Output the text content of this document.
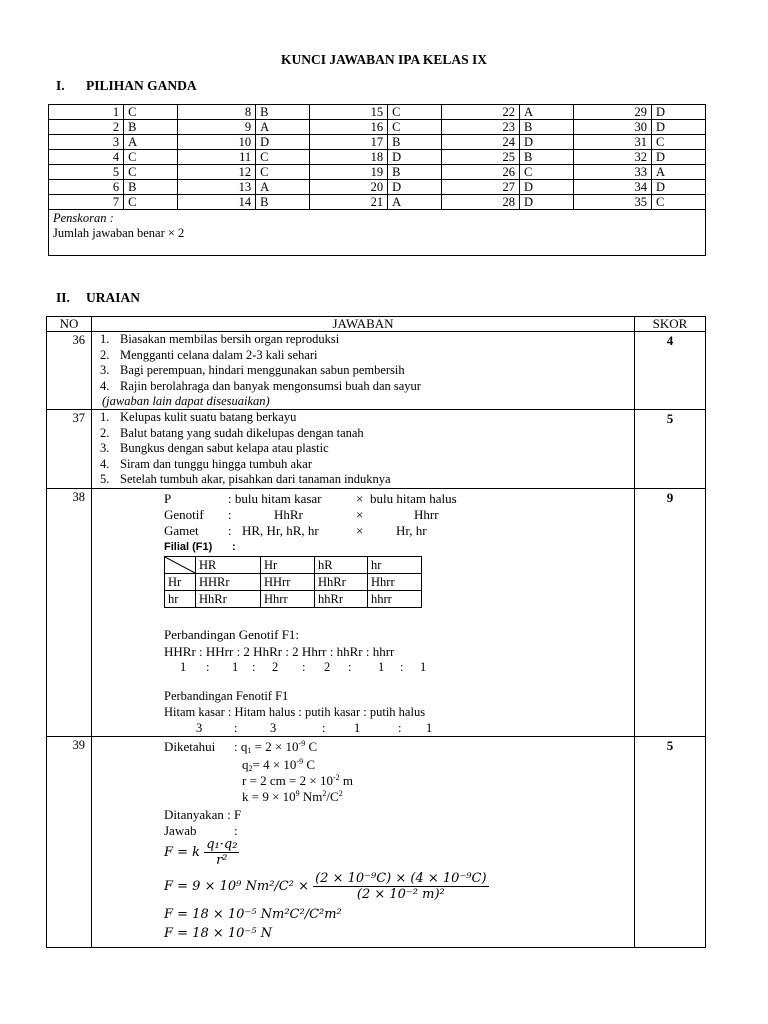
KUNCI JAWABAN IPA KELAS IX
I. PILIHAN GANDA
1	C	8	B	15	C	22	A	29	D
2	B	9	A	16	C	23	B	30	D
3	A	10	D	17	B	24	D	31	C
4	C	11	C	18	D	25	B	32	D
5	C	12	C	19	B	26	C	33	A
6	B	13	A	20	D	27	D	34	D
7	C	14	B	21	A	28	D	35	C
Penskoran :
Jumlah jawaban benar × 2									
II. URAIAN
NO	JAWABAN	SKOR
36	1. Biasakan membilas bersih organ reproduksi
2. Mengganti celana dalam 2-3 kali sehari
3. Bagi perempuan, hindari menggunakan sabun pembersih
4. Rajin berolahraga dan banyak mengonsumsi buah dan sayur
(jawaban lain dapat disesuaikan)
	4
37	1. Kelupas kulit suatu batang berkayu
2. Balut batang yang sudah dikelupas dengan tanah
3. Bungkus dengan sabut kelapa atau plastic
4. Siram dan tunggu hingga tumbuh akar
5. Setelah tumbuh akar, pisahkan dari tanaman induknya
	5
38	P	: bulu hitam kasar	× bulu hitam halus
Genotif :	HhRr	×	Hhrr
Gamet : HR, Hr, hR, hr	×	Hr, hr
Filial (F1) :
	HR	Hr	hR	hr
Hr	HHRr	HHrr	HhRr	Hhrr
hr	HhRr	Hhrr	hhRr	hhrr
Perbandingan Genotif F1:
HHRr : HHrr : 2 HhRr : 2 Hhrr : hhRr : hhrr
1 : 1 : 2 : 2 : 1 : 1
Perbandingan Fenotif F1
Hitam kasar : Hitam halus : putih kasar : putih halus
3	:	3	: 1	: 1
	9
39	Diketahui : $q_1 = 2 \times 10^{-9}$ C
$q_2= 4 \times 10^{-9}$ C
r = 2 cm = $2 \times 10^{-2}$ m
$k = 9 \times 10^9$ $Nm^2/C^2$
Ditanyakan : F
Jawab	:
F = k $\frac{\text{q₁·q₂}}{\text{r²}}$
F = 9 × 10⁹ $Nm^2/C^2 \times \frac{\text{(2 × 10⁻⁹C) × (4 × 10⁻⁹C)}}{\text{(2 × 10⁻² m)²}}$
F = 18 × 10⁻⁵ Nm²C²/C²m²
F = 18 × 10⁻⁵ N
	5
